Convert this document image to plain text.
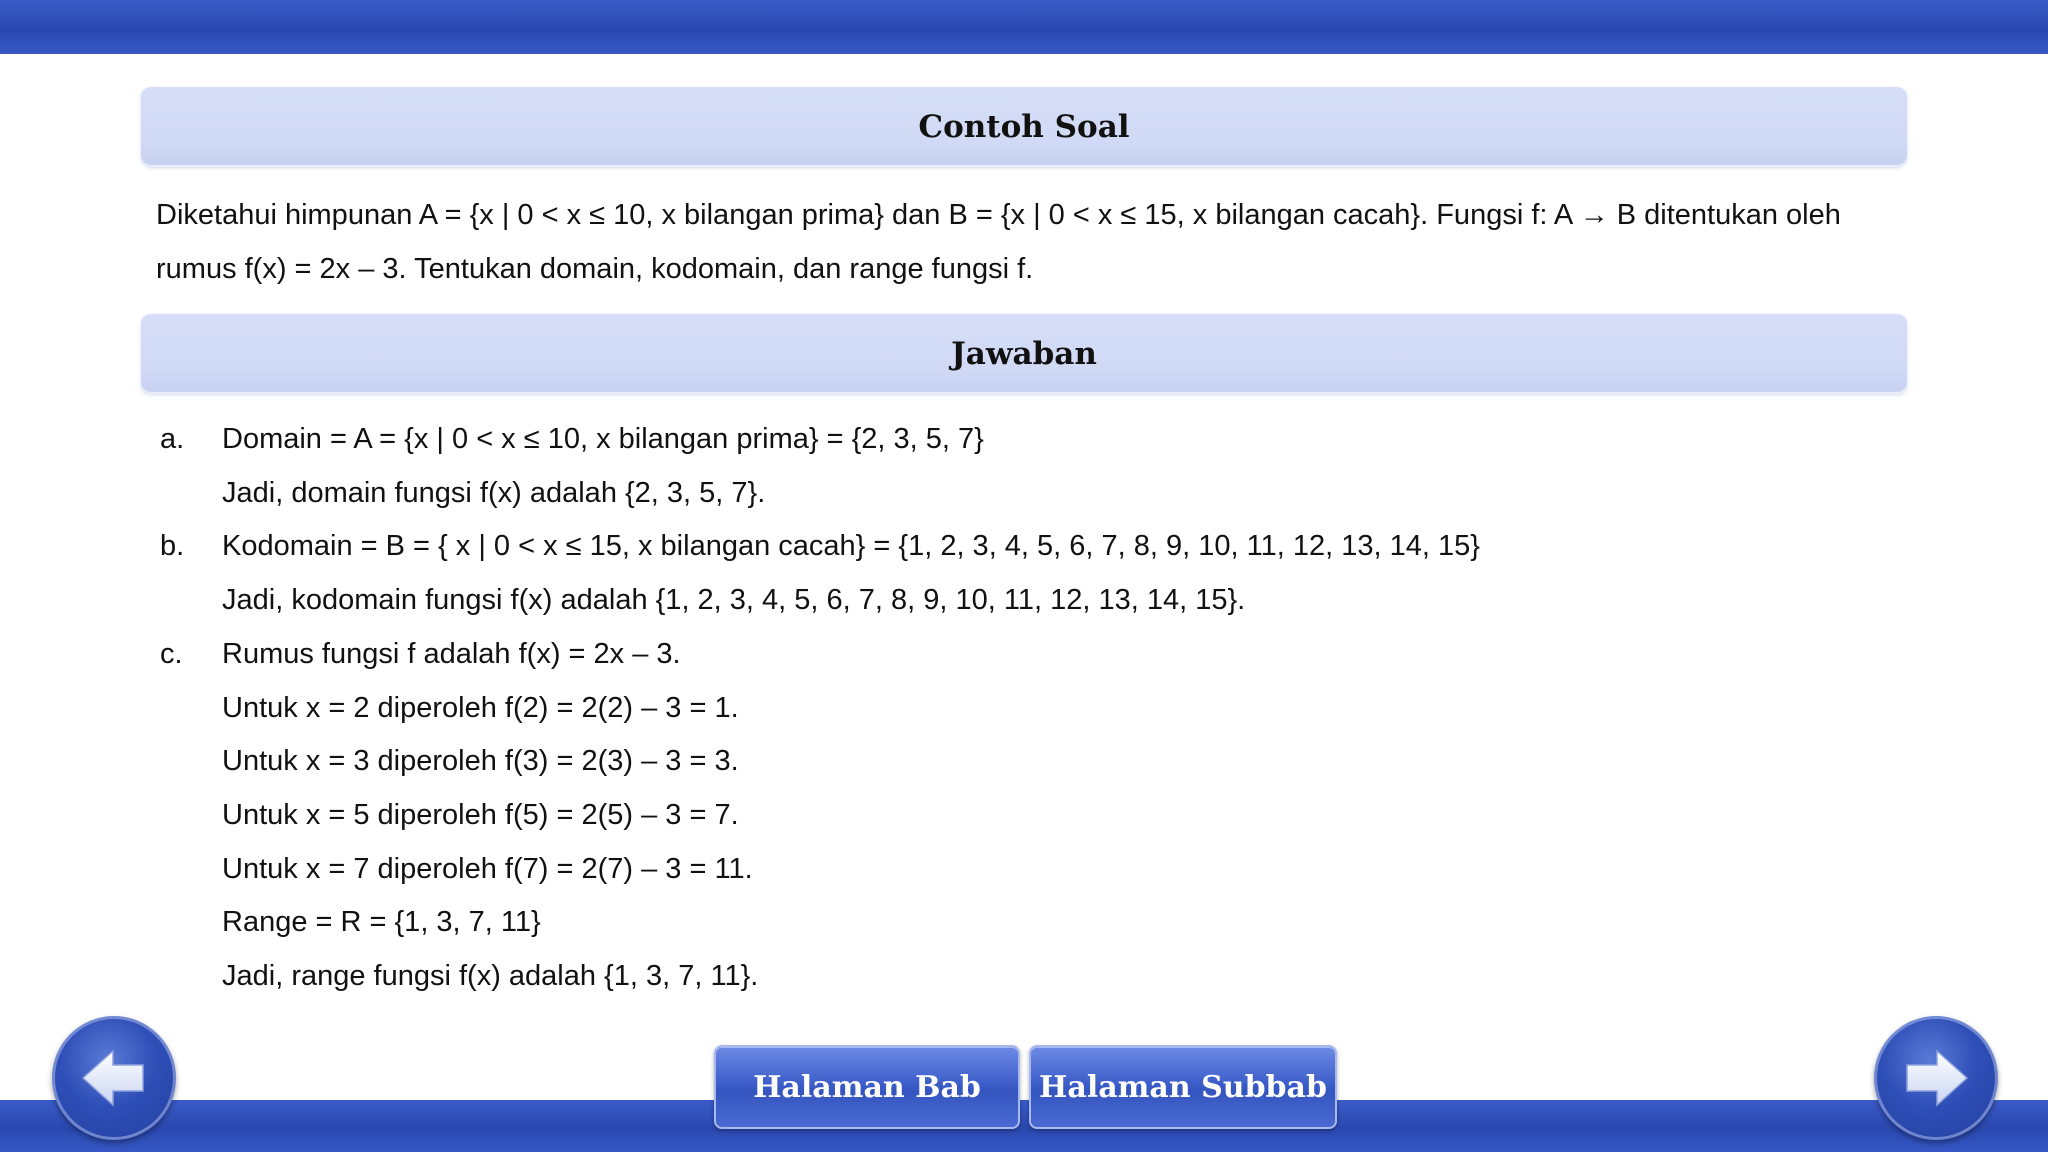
Contoh Soal
Diketahui himpunan A = {x | 0 < x ≤ 10, x bilangan prima} dan B = {x | 0 < x ≤ 15, x bilangan cacah}. Fungsi f: A → B ditentukan oleh rumus f(x) = 2x – 3. Tentukan domain, kodomain, dan range fungsi f.
Jawaban
a.	Domain = A = {x | 0 < x ≤ 10, x bilangan prima} = {2, 3, 5, 7}
Jadi, domain fungsi f(x) adalah {2, 3, 5, 7}.
b.	Kodomain = B = { x | 0 < x ≤ 15, x bilangan cacah} = {1, 2, 3, 4, 5, 6, 7, 8, 9, 10, 11, 12, 13, 14, 15}
Jadi, kodomain fungsi f(x) adalah {1, 2, 3, 4, 5, 6, 7, 8, 9, 10, 11, 12, 13, 14, 15}.
c.	Rumus fungsi f adalah f(x) = 2x – 3.
Untuk x = 2 diperoleh f(2) = 2(2) – 3 = 1.
Untuk x = 3 diperoleh f(3) = 2(3) – 3 = 3.
Untuk x = 5 diperoleh f(5) = 2(5) – 3 = 7.
Untuk x = 7 diperoleh f(7) = 2(7) – 3 = 11.
Range = R = {1, 3, 7, 11}
Jadi, range fungsi f(x) adalah {1, 3, 7, 11}.
Halaman Bab Halaman Subbab
